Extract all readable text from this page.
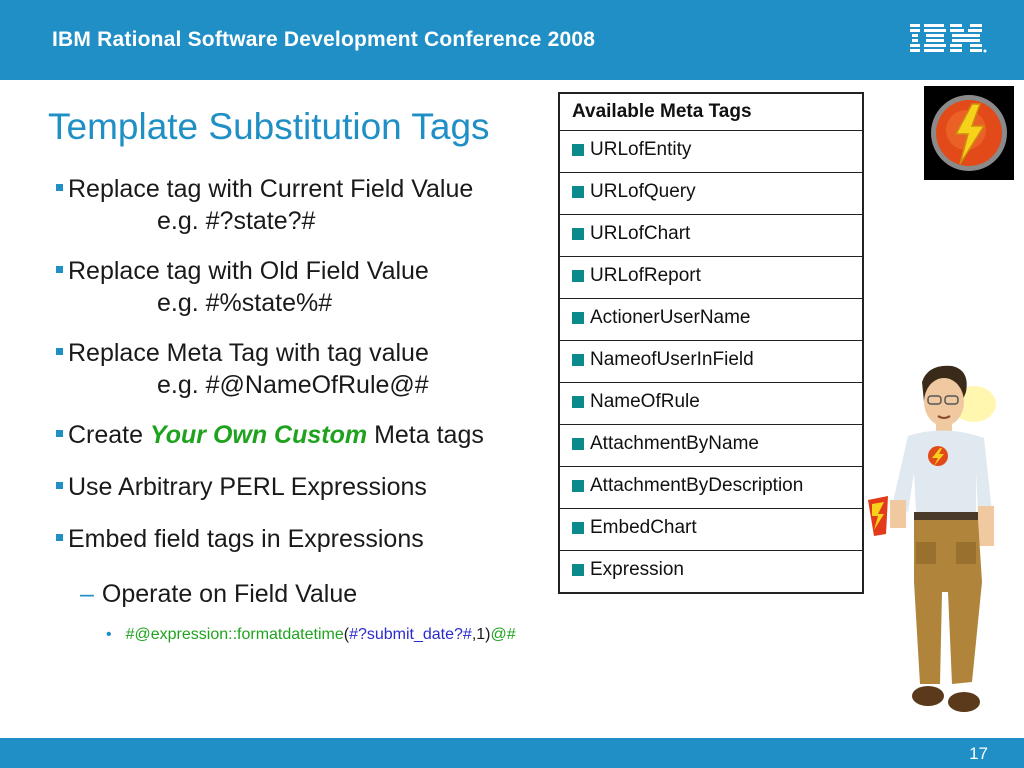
IBM Rational Software Development Conference 2008
Template Substitution Tags
Replace tag with Current Field Value
e.g. #?state?#
Replace tag with Old Field Value
e.g. #%state%#
Replace Meta Tag with tag value
e.g. #@NameOfRule@#
Create Your Own Custom Meta tags
Use Arbitrary PERL Expressions
Embed field tags in Expressions
– Operate on Field Value
• #@expression::formatdatetime(#?submit_date?#,1)@#
Available Meta Tags
URLofEntity
URLofQuery
URLofChart
URLofReport
ActionerUserName
NameofUserInField
NameOfRule
AttachmentByName
AttachmentByDescription
EmbedChart
Expression
17
